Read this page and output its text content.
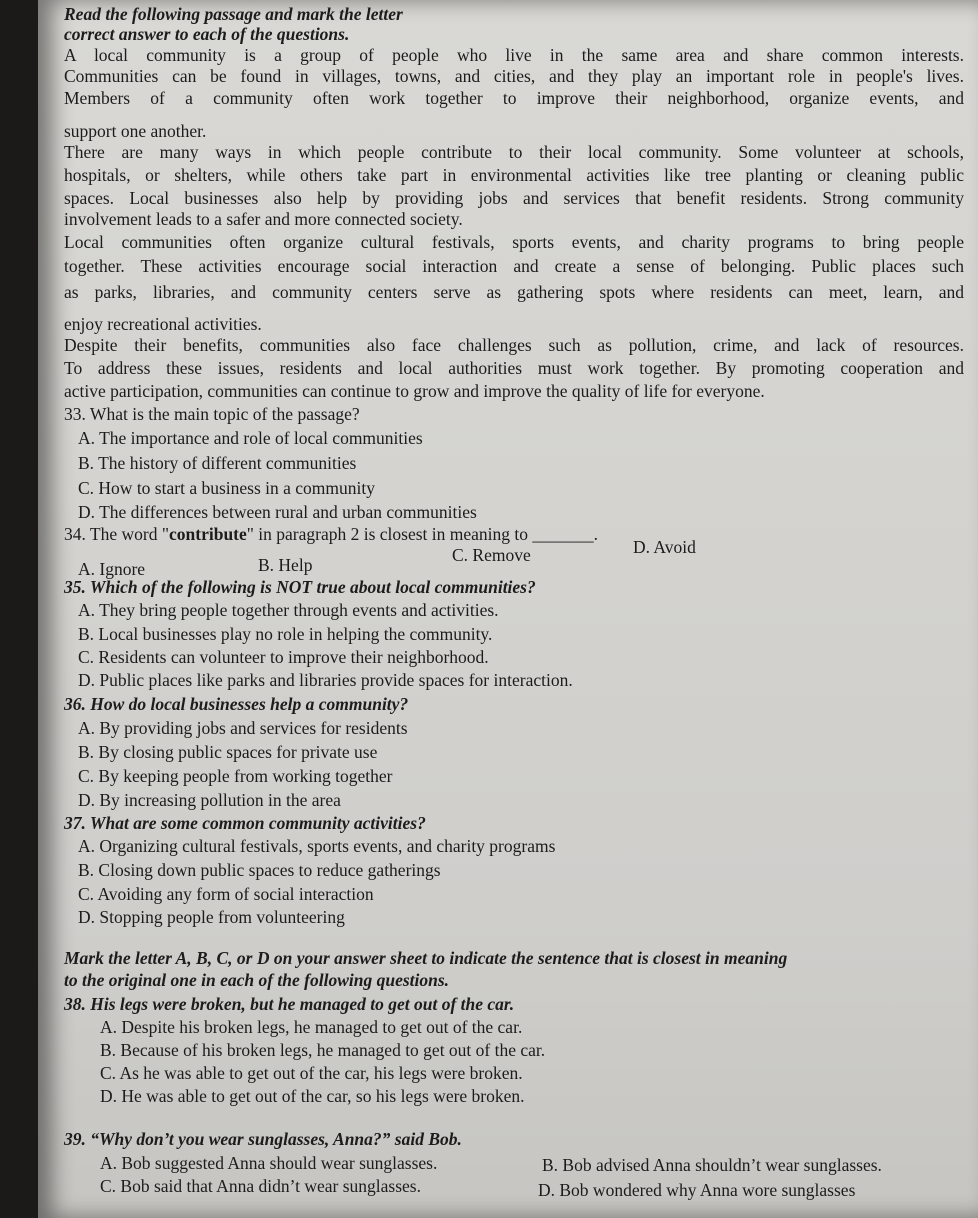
Read the following passage and mark the letter
correct answer to each of the questions.
A local community is a group of people who live in the same area and share common interests.
Communities can be found in villages, towns, and cities, and they play an important role in people's lives.
Members of a community often work together to improve their neighborhood, organize events, and
support one another.
There are many ways in which people contribute to their local community. Some volunteer at schools,
hospitals, or shelters, while others take part in environmental activities like tree planting or cleaning public
spaces. Local businesses also help by providing jobs and services that benefit residents. Strong community
involvement leads to a safer and more connected society.
Local communities often organize cultural festivals, sports events, and charity programs to bring people
together. These activities encourage social interaction and create a sense of belonging. Public places such
as parks, libraries, and community centers serve as gathering spots where residents can meet, learn, and
enjoy recreational activities.
Despite their benefits, communities also face challenges such as pollution, crime, and lack of resources.
To address these issues, residents and local authorities must work together. By promoting cooperation and
active participation, communities can continue to grow and improve the quality of life for everyone.
33. What is the main topic of the passage?
A. The importance and role of local communities
B. The history of different communities
C. How to start a business in a community
D. The differences between rural and urban communities
34. The word "contribute" in paragraph 2 is closest in meaning to _______.
A. Ignore	B. Help	C. Remove	D. Avoid
35. Which of the following is NOT true about local communities?
A. They bring people together through events and activities.
B. Local businesses play no role in helping the community.
C. Residents can volunteer to improve their neighborhood.
D. Public places like parks and libraries provide spaces for interaction.
36. How do local businesses help a community?
A. By providing jobs and services for residents
B. By closing public spaces for private use
C. By keeping people from working together
D. By increasing pollution in the area
37. What are some common community activities?
A. Organizing cultural festivals, sports events, and charity programs
B. Closing down public spaces to reduce gatherings
C. Avoiding any form of social interaction
D. Stopping people from volunteering
Mark the letter A, B, C, or D on your answer sheet to indicate the sentence that is closest in meaning
to the original one in each of the following questions.
38. His legs were broken, but he managed to get out of the car.
A. Despite his broken legs, he managed to get out of the car.
B. Because of his broken legs, he managed to get out of the car.
C. As he was able to get out of the car, his legs were broken.
D. He was able to get out of the car, so his legs were broken.
39. “Why don’t you wear sunglasses, Anna?” said Bob.
A. Bob suggested Anna should wear sunglasses.	B. Bob advised Anna shouldn’t wear sunglasses.
C. Bob said that Anna didn’t wear sunglasses.	D. Bob wondered why Anna wore sunglasses
